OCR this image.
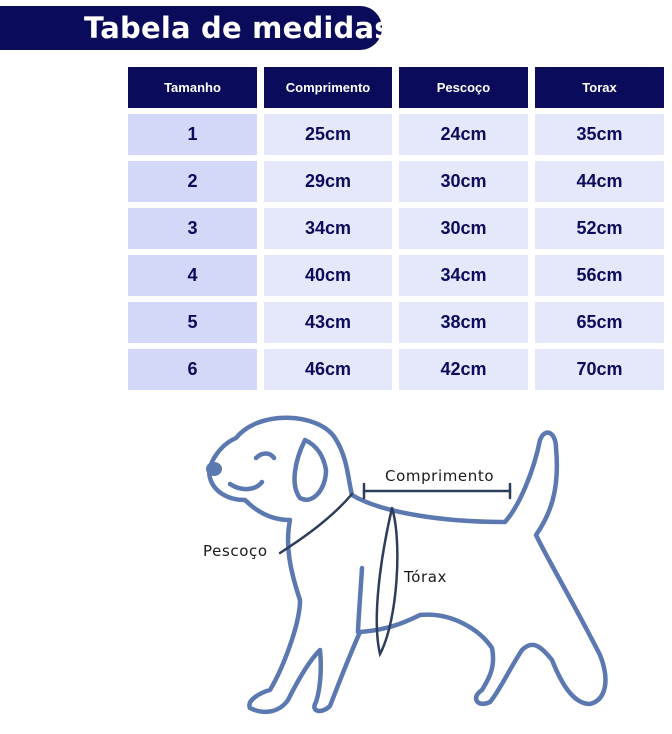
Tabela de medidas
Tamanho	Comprimento	Pescoço	Torax
1	25cm	24cm	35cm
2	29cm	30cm	44cm
3	34cm	30cm	52cm
4	40cm	34cm	56cm
5	43cm	38cm	65cm
6	46cm	42cm	70cm
Comprimento
Pescoço
Tórax
